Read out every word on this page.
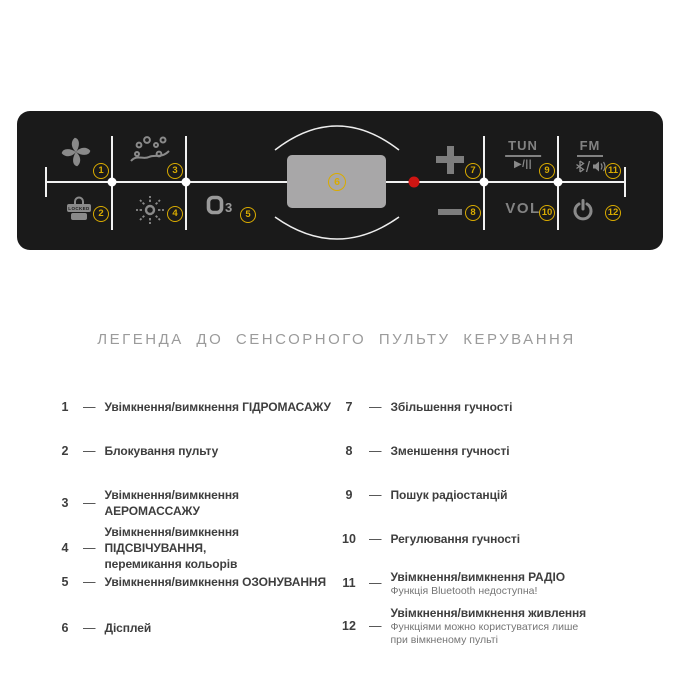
LOCKED	3
TUN
▶/||
VOL
FM
1
2
3
4	5
6
7
8
9
10
11
12
ЛЕГЕНДА ДО СЕНСОРНОГО ПУЛЬТУ КЕРУВАННЯ
1	— Увімкнення/вимкнення ГІДРОМАСАЖУ
2	— Блокування пульту
3	—
Увімкнення/вимкнення АЕРОМАССАЖУ
4	—
Увімкнення/вимкнення ПІДСВІЧУВАННЯ,
перемикання кольорів
5	— Увімкнення/вимкнення ОЗОНУВАННЯ
6	— Дісплей
7	— Збільшення гучності
8	— Зменшення гучності
9	— Пошук радіостанцій
10	— Регулювання гучності
11	— Увімкнення/вимкнення РАДІО
Функція Bluetooth недоступна!
12	—
Увімкнення/вимкнення живлення
Функціями можно користуватися лише
при вімкненому пульті
